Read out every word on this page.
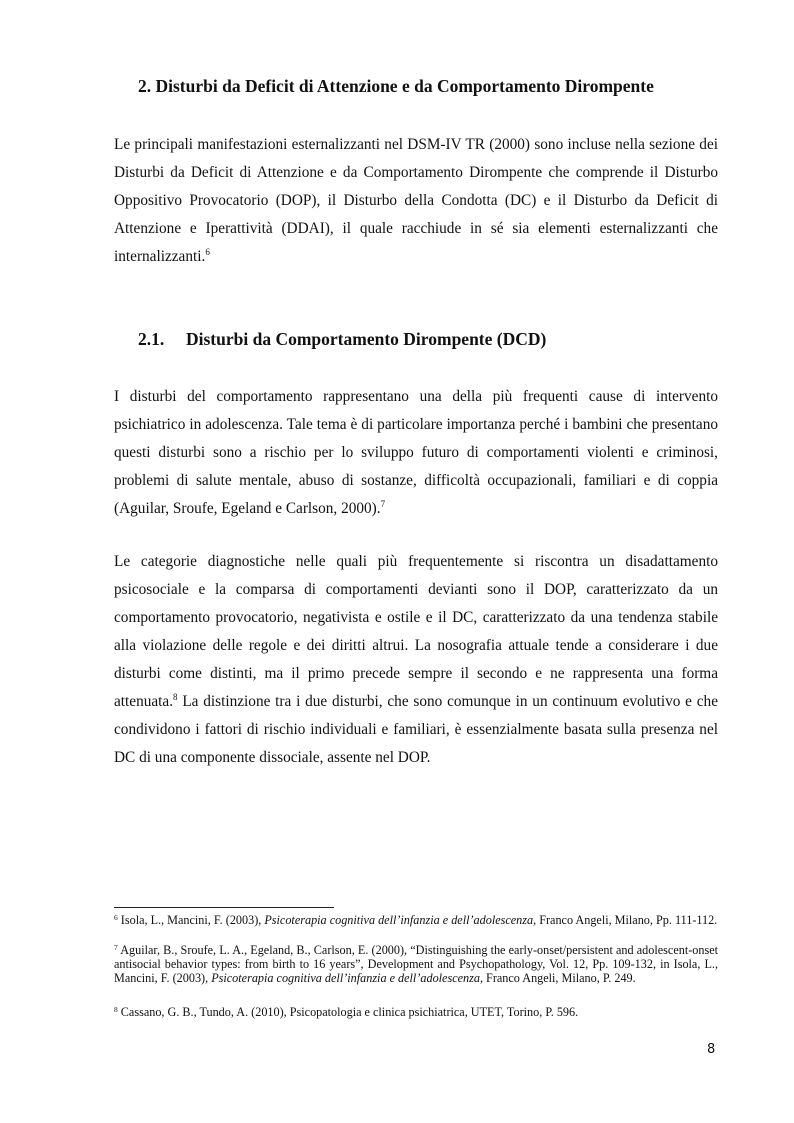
2. Disturbi da Deficit di Attenzione e da Comportamento Dirompente

Le principali manifestazioni esternalizzanti nel DSM-IV TR (2000) sono incluse nella sezione dei Disturbi da Deficit di Attenzione e da Comportamento Dirompente che comprende il Disturbo Oppositivo Provocatorio (DOP), il Disturbo della Condotta (DC) e il Disturbo da Deficit di Attenzione e Iperattività (DDAI), il quale racchiude in sé sia elementi esternalizzanti che internalizzanti.$^6$

2.1. Disturbi da Comportamento Dirompente (DCD)

I disturbi del comportamento rappresentano una della più frequenti cause di intervento psichiatrico in adolescenza. Tale tema è di particolare importanza perché i bambini che presentano questi disturbi sono a rischio per lo sviluppo futuro di comportamenti violenti e criminosi, problemi di salute mentale, abuso di sostanze, difficoltà occupazionali, familiari e di coppia (Aguilar, Sroufe, Egeland e Carlson, 2000).$^7$

Le categorie diagnostiche nelle quali più frequentemente si riscontra un disadattamento psicosociale e la comparsa di comportamenti devianti sono il DOP, caratterizzato da un comportamento provocatorio, negativista e ostile e il DC, caratterizzato da una tendenza stabile alla violazione delle regole e dei diritti altrui. La nosografia attuale tende a considerare i due disturbi come distinti, ma il primo precede sempre il secondo e ne rappresenta una forma attenuata.$^8$ La distinzione tra i due disturbi, che sono comunque in un continuum evolutivo e che condividono i fattori di rischio individuali e familiari, è essenzialmente basata sulla presenza nel DC di una componente dissociale, assente nel DOP.

$^6$ Isola, L., Mancini, F. (2003), Psicoterapia cognitiva dell’infanzia e dell’adolescenza, Franco Angeli, Milano, Pp. 111-112.

$^7$ Aguilar, B., Sroufe, L. A., Egeland, B., Carlson, E. (2000), “Distinguishing the early-onset/persistent and adolescent-onset antisocial behavior types: from birth to 16 years”, Development and Psychopathology, Vol. 12, Pp. 109-132, in Isola, L., Mancini, F. (2003), Psicoterapia cognitiva dell’infanzia e dell’adolescenza, Franco Angeli, Milano, P. 249.

$^8$ Cassano, G. B., Tundo, A. (2010), Psicopatologia e clinica psichiatrica, UTET, Torino, P. 596.

8
